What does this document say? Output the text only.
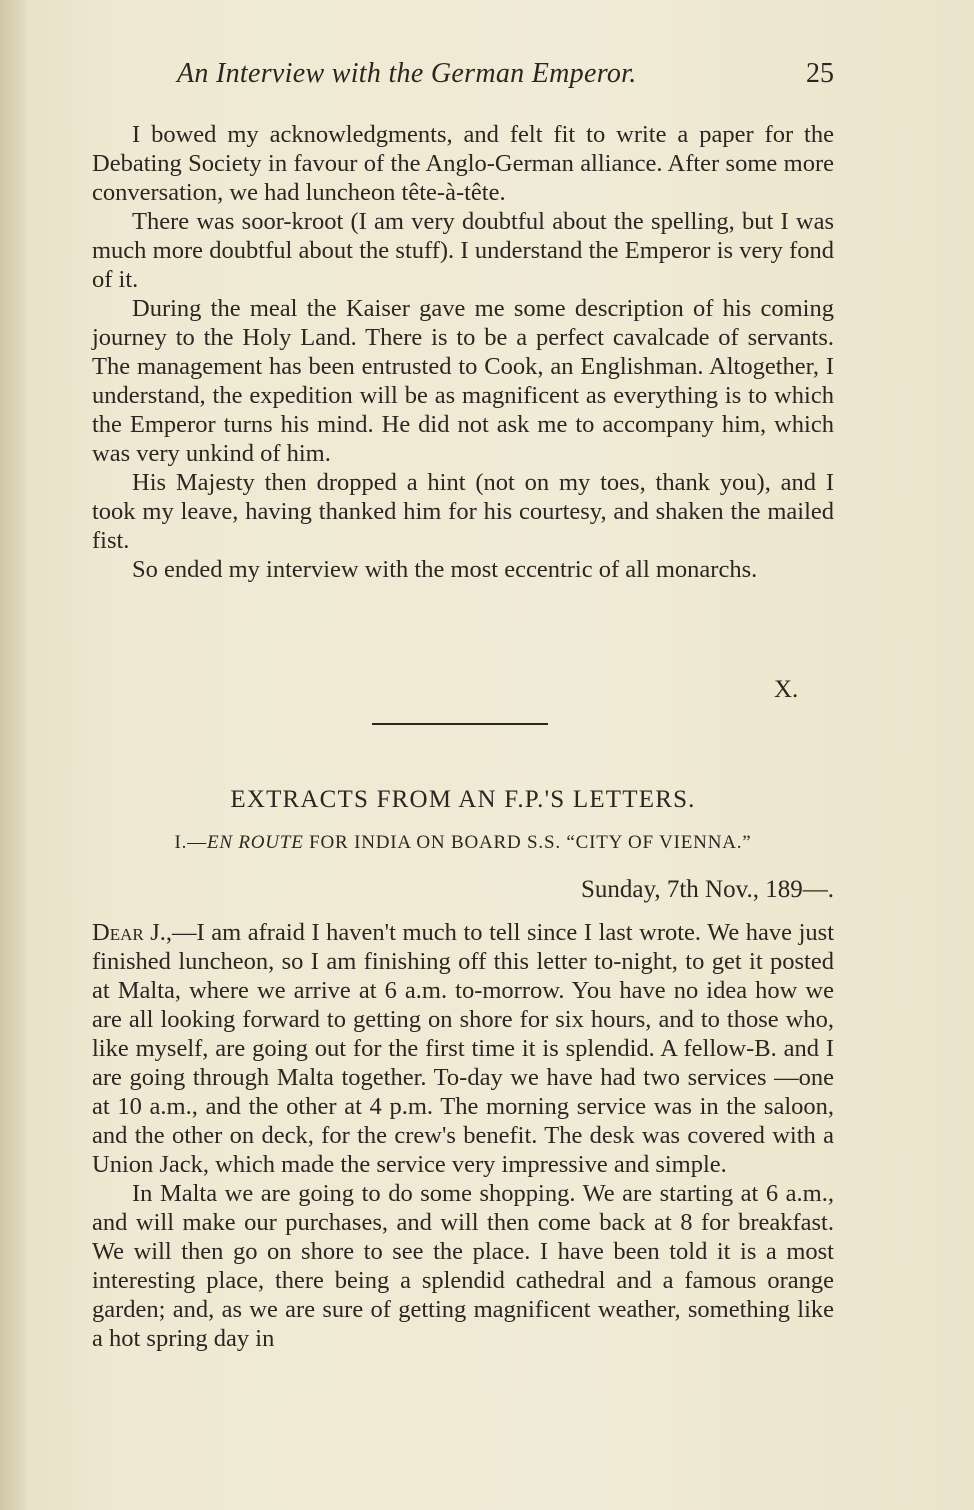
An Interview with the German Emperor.	25

I bowed my acknowledgments, and felt fit to write a paper for the Debating Society in favour of the Anglo-German alliance. After some more conversation, we had luncheon tête-à-tête.

There was soor-kroot (I am very doubtful about the spelling, but I was much more doubtful about the stuff). I understand the Emperor is very fond of it.

During the meal the Kaiser gave me some description of his coming journey to the Holy Land. There is to be a perfect cavalcade of servants. The management has been entrusted to Cook, an Englishman. Altogether, I understand, the expedition will be as magnificent as everything is to which the Emperor turns his mind. He did not ask me to accompany him, which was very unkind of him.

His Majesty then dropped a hint (not on my toes, thank you), and I took my leave, having thanked him for his courtesy, and shaken the mailed fist.

So ended my interview with the most eccentric of all monarchs.

X.
EXTRACTS FROM AN F.P.'S LETTERS.
I.—EN ROUTE FOR INDIA ON BOARD S.S. “CITY OF VIENNA.”
Sunday, 7th Nov., 189—.

Dear J.,—I am afraid I haven't much to tell since I last wrote. We have just finished luncheon, so I am finishing off this letter to-night, to get it posted at Malta, where we arrive at 6 a.m. to-morrow. You have no idea how we are all looking forward to getting on shore for six hours, and to those who, like myself, are going out for the first time it is splendid. A fellow-B. and I are going through Malta together. To-day we have had two services —one at 10 a.m., and the other at 4 p.m. The morning service was in the saloon, and the other on deck, for the crew's benefit. The desk was covered with a Union Jack, which made the service very impressive and simple.

In Malta we are going to do some shopping. We are starting at 6 a.m., and will make our purchases, and will then come back at 8 for breakfast. We will then go on shore to see the place. I have been told it is a most interesting place, there being a splendid cathedral and a famous orange garden; and, as we are sure of getting magnificent weather, something like a hot spring day in
